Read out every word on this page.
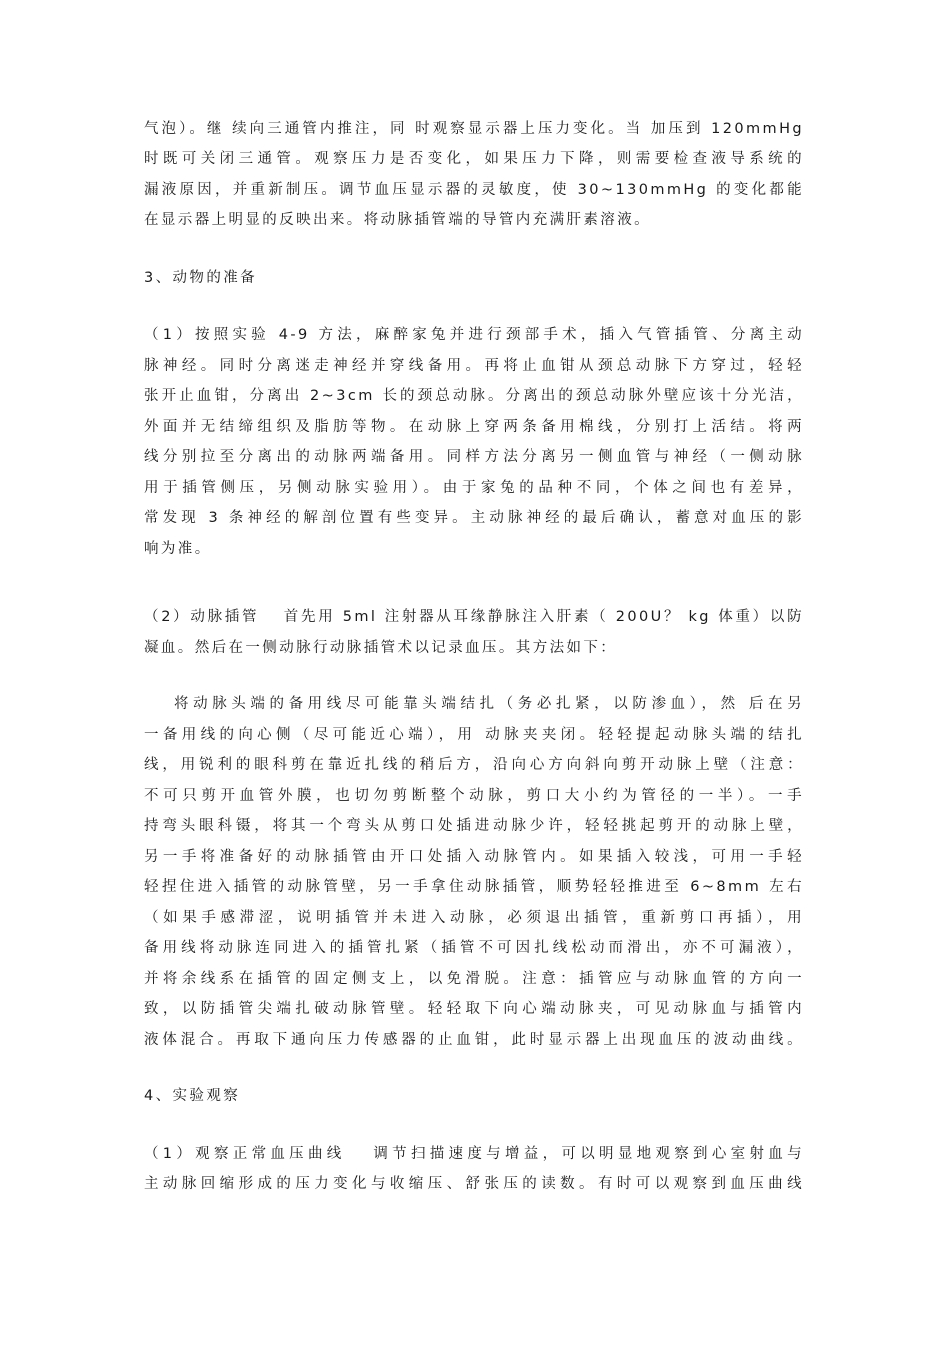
气泡）。继 续向三通管内推注，同 时观察显示器上压力变化。当 加压到 120mmHg
时既可关闭三通管。观察压力是否变化，如果压力下降，则需要检查液导系统的
漏液原因，并重新制压。调节血压显示器的灵敏度，使 30~130mmHg 的变化都能
在显示器上明显的反映出来。将动脉插管端的导管内充满肝素溶液。
3、动物的准备
（1）按照实验 4-9 方法，麻醉家兔并进行颈部手术，插入气管插管、分离主动
脉神经。同时分离迷走神经并穿线备用。再将止血钳从颈总动脉下方穿过，轻轻
张开止血钳，分离出 2~3cm 长的颈总动脉。分离出的颈总动脉外壁应该十分光洁，
外面并无结缔组织及脂肪等物。在动脉上穿两条备用棉线，分别打上活结。将两
线分别拉至分离出的动脉两端备用。同样方法分离另一侧血管与神经（一侧动脉
用于插管侧压，另侧动脉实验用）。由于家兔的品种不同，个体之间也有差异，
常发现 3 条神经的解剖位置有些变异。主动脉神经的最后确认，蓄意对血压的影
响为准。
（2）动脉插管　 首先用 5ml 注射器从耳缘静脉注入肝素（ 200U？ kg 体重）以防
凝血。然后在一侧动脉行动脉插管术以记录血压。其方法如下：
将动脉头端的备用线尽可能靠头端结扎（务必扎紧，以防渗血），然 后在另
一备用线的向心侧（尽可能近心端），用 动脉夹夹闭。轻轻提起动脉头端的结扎
线，用锐利的眼科剪在靠近扎线的稍后方，沿向心方向斜向剪开动脉上壁（注意：
不可只剪开血管外膜，也切勿剪断整个动脉，剪口大小约为管径的一半）。一手
持弯头眼科镊，将其一个弯头从剪口处插进动脉少许，轻轻挑起剪开的动脉上壁，
另一手将准备好的动脉插管由开口处插入动脉管内。如果插入较浅，可用一手轻
轻捏住进入插管的动脉管壁，另一手拿住动脉插管，顺势轻轻推进至 6~8mm 左右
（如果手感滞涩，说明插管并未进入动脉，必须退出插管，重新剪口再插），用
备用线将动脉连同进入的插管扎紧（插管不可因扎线松动而滑出，亦不可漏液），
并将余线系在插管的固定侧支上，以免滑脱。注意：插管应与动脉血管的方向一
致，以防插管尖端扎破动脉管壁。轻轻取下向心端动脉夹，可见动脉血与插管内
液体混合。再取下通向压力传感器的止血钳，此时显示器上出现血压的波动曲线。
4、实验观察
（1）观察正常血压曲线　 调节扫描速度与增益，可以明显地观察到心室射血与
主动脉回缩形成的压力变化与收缩压、舒张压的读数。有时可以观察到血压曲线
